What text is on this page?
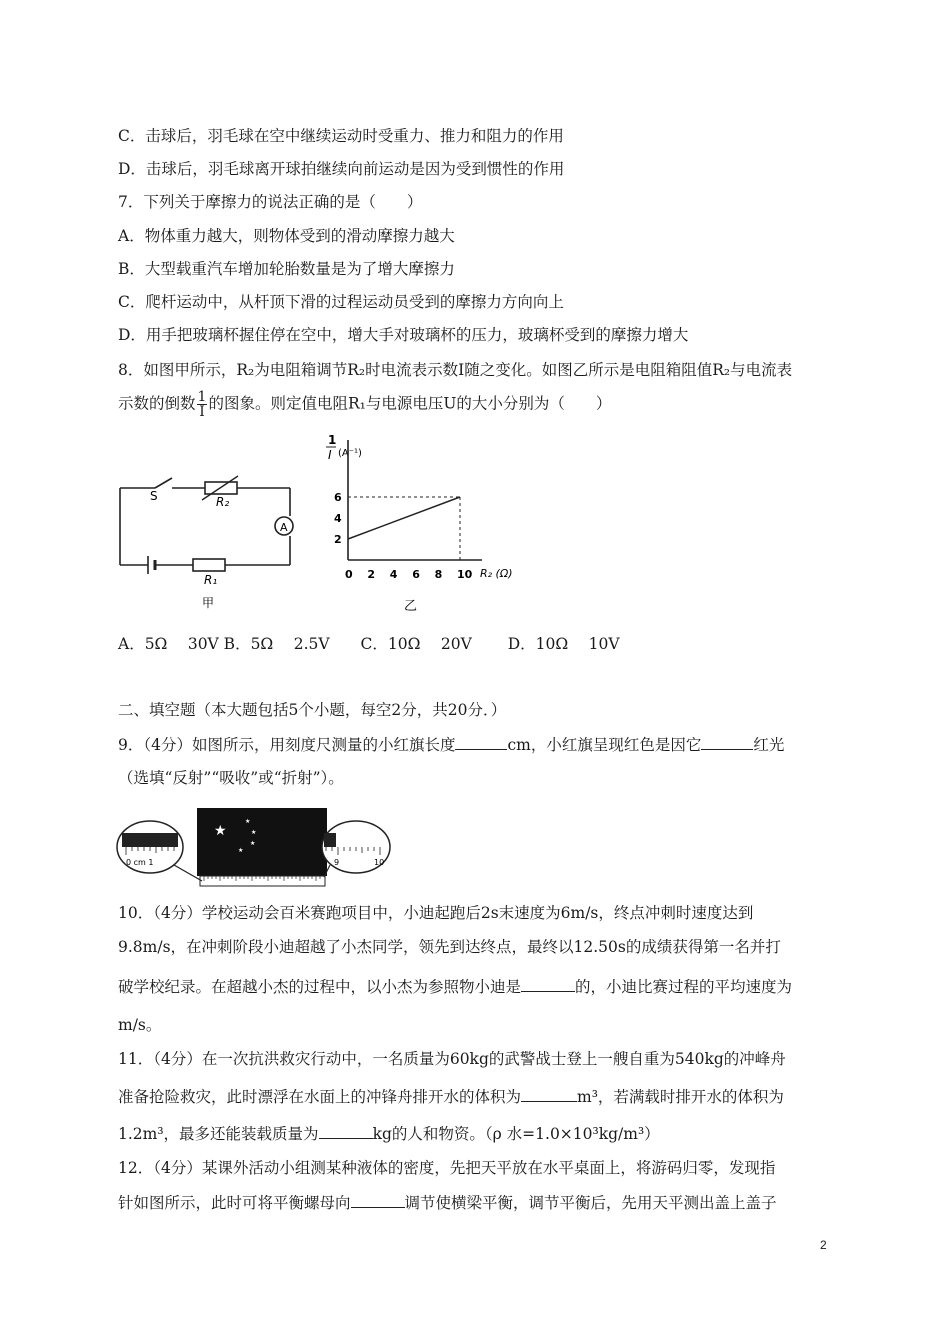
C．击球后，羽毛球在空中继续运动时受重力、推力和阻力的作用
D．击球后，羽毛球离开球拍继续向前运动是因为受到惯性的作用
7．下列关于摩擦力的说法正确的是（　　）
A．物体重力越大，则物体受到的滑动摩擦力越大
B．大型载重汽车增加轮胎数量是为了增大摩擦力
C．爬杆运动中，从杆顶下滑的过程运动员受到的摩擦力方向向上
D．用手把玻璃杯握住停在空中，增大手对玻璃杯的压力，玻璃杯受到的摩擦力增大
8．如图甲所示，R₂为电阻箱调节R₂时电流表示数I随之变化。如图乙所示是电阻箱阻值R₂与电流表
示数的倒数 $\frac{1}{I}$ 的图象。则定值电阻R₁与电源电压U的大小分别为（　　）
S	R₂
A
R₁
甲
1
I (A⁻¹)
R₂ (Ω)
乙
0 2 4 6 8 10
2
4
6
A．5Ω　 30V B．5Ω　 2.5V　　C．10Ω　 20V　　 D．10Ω　 10V
二、填空题（本大题包括5个小题，每空2分，共20分．）
9．（4分）如图所示，用刻度尺测量的小红旗长度	cm，小红旗呈现红色是因它	红光
（选填“反射”“吸收”或“折射”）。
★
★
★
★
★
0 cm 1	9	10
10．（4分）学校运动会百米赛跑项目中，小迪起跑后2s末速度为6m/s，终点冲刺时速度达到
9.8m/s，在冲刺阶段小迪超越了小杰同学，领先到达终点，最终以12.50s的成绩获得第一名并打
破学校纪录。在超越小杰的过程中，以小杰为参照物小迪是	的，小迪比赛过程的平均速度为
m/s。
11．（4分）在一次抗洪救灾行动中，一名质量为60kg的武警战士登上一艘自重为540kg的冲峰舟
准备抢险救灾，此时漂浮在水面上的冲锋舟排开水的体积为	m³，若满载时排开水的体积为
1.2m³，最多还能装载质量为	kg的人和物资。（ρ 水=1.0×10³kg/m³）
12．（4分）某课外活动小组测某种液体的密度，先把天平放在水平桌面上，将游码归零，发现指
针如图所示，此时可将平衡螺母向	调节使横梁平衡，调节平衡后，先用天平测出盖上盖子
2
